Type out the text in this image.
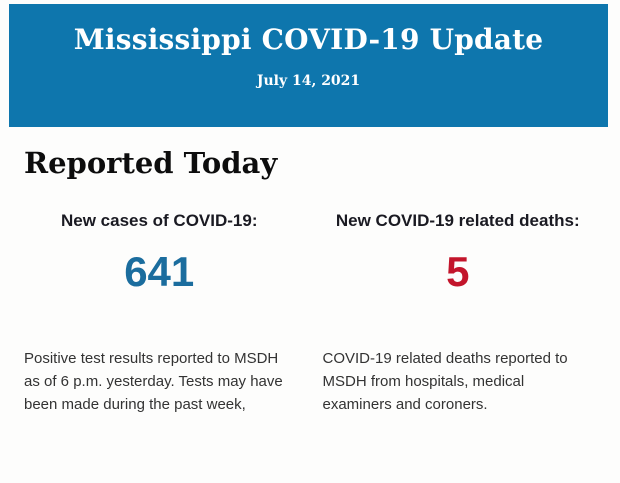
Mississippi COVID-19 Update
July 14, 2021
Reported Today
New cases of COVID-19:
641
Positive test results reported to MSDH as of 6 p.m. yesterday. Tests may have been made during the past week,
New COVID-19 related deaths:
5
COVID-19 related deaths reported to MSDH from hospitals, medical examiners and coroners.
